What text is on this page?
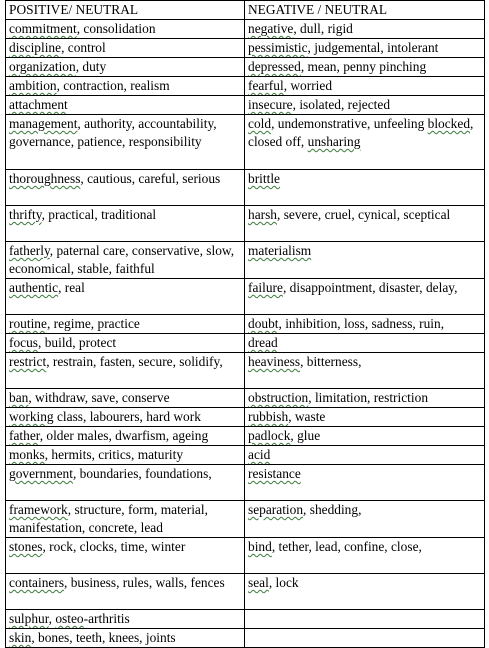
POSITIVE/ NEUTRAL	NEGATIVE / NEUTRAL
commitment, consolidation	negative, dull, rigid
discipline, control	pessimistic, judgemental, intolerant
organization, duty	depressed, mean, penny pinching
ambition, contraction, realism	fearful, worried
attachment	insecure, isolated, rejected
management, authority, accountability, governance, patience, responsibility	cold, undemonstrative, unfeeling blocked, closed off, unsharing
thoroughness, cautious, careful, serious	brittle
thrifty, practical, traditional	harsh, severe, cruel, cynical, sceptical
fatherly, paternal care, conservative, slow, economical, stable, faithful	materialism
authentic, real	failure, disappointment, disaster, delay,
routine, regime, practice	doubt, inhibition, loss, sadness, ruin,
focus, build, protect	dread
restrict, restrain, fasten, secure, solidify,	heaviness, bitterness,
ban, withdraw, save, conserve	obstruction, limitation, restriction
working class, labourers, hard work	rubbish, waste
father, older males, dwarfism, ageing	padlock, glue
monks, hermits, critics, maturity	acid
government, boundaries, foundations,	resistance
framework, structure, form, material, manifestation, concrete, lead	separation, shedding,
stones, rock, clocks, time, winter	bind, tether, lead, confine, close,
containers, business, rules, walls, fences	seal, lock
sulphur, osteo-arthritis	
skin, bones, teeth, knees, joints	
